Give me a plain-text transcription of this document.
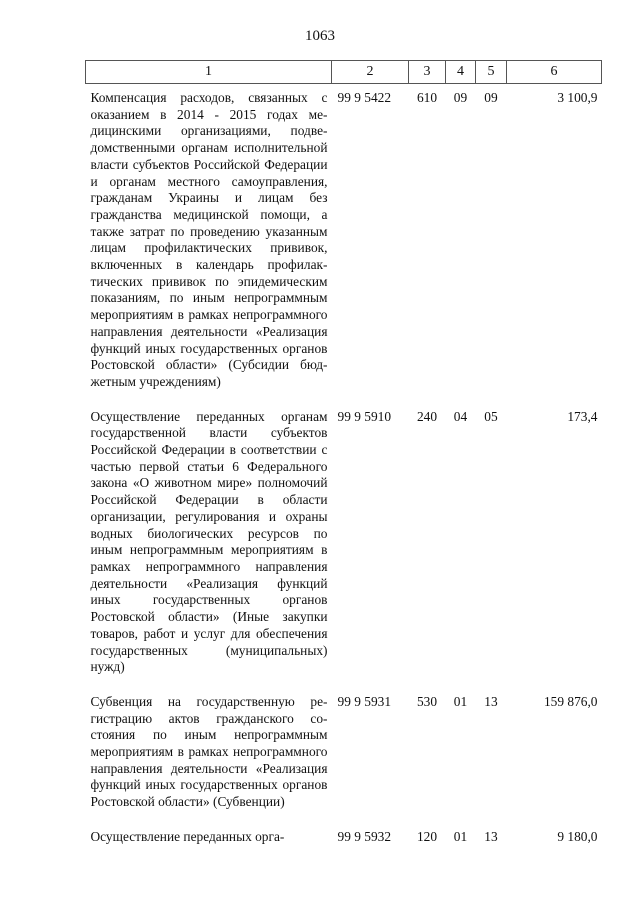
1063
1	2	3	4	5	6
Компенсация расходов, связанных с оказанием в 2014 - 2015 годах медицинскими организациями, подведомственными органам исполнительной власти субъектов Российской Федерации и органам местного самоуправления, гражданам Украины и лицам без гражданства медицинской помощи, а также затрат по проведению указанным лицам профилактических прививок, включенных в календарь профилактических прививок по эпидемическим показаниям, по иным непрограммным мероприятиям в рамках непрограммного направления деятельности «Реализация функций иных государственных органов Ростовской области» (Субсидии бюджетным учреждениям)	99 9 5422	610	09	09	3 100,9
Осуществление переданных органам государственной власти субъектов Российской Федерации в соответствии с частью первой статьи 6 Федерального закона «О животном мире» полномочий Российской Федерации в области организации, регулирования и охраны водных биологических ресурсов по иным непрограммным мероприятиям в рамках непрограммного направления деятельности «Реализация функций иных государственных органов Ростовской области» (Иные закупки товаров, работ и услуг для обеспечения государственных (муниципальных) нужд)	99 9 5910	240	04	05	173,4
Субвенция на государственную регистрацию актов гражданского состояния по иным непрограммным мероприятиям в рамках непрограммного направления деятельности «Реализация функций иных государственных органов Ростовской области» (Субвенции)	99 9 5931	530	01	13	159 876,0
Осуществление переданных орга-	99 9 5932	120	01	13	9 180,0
